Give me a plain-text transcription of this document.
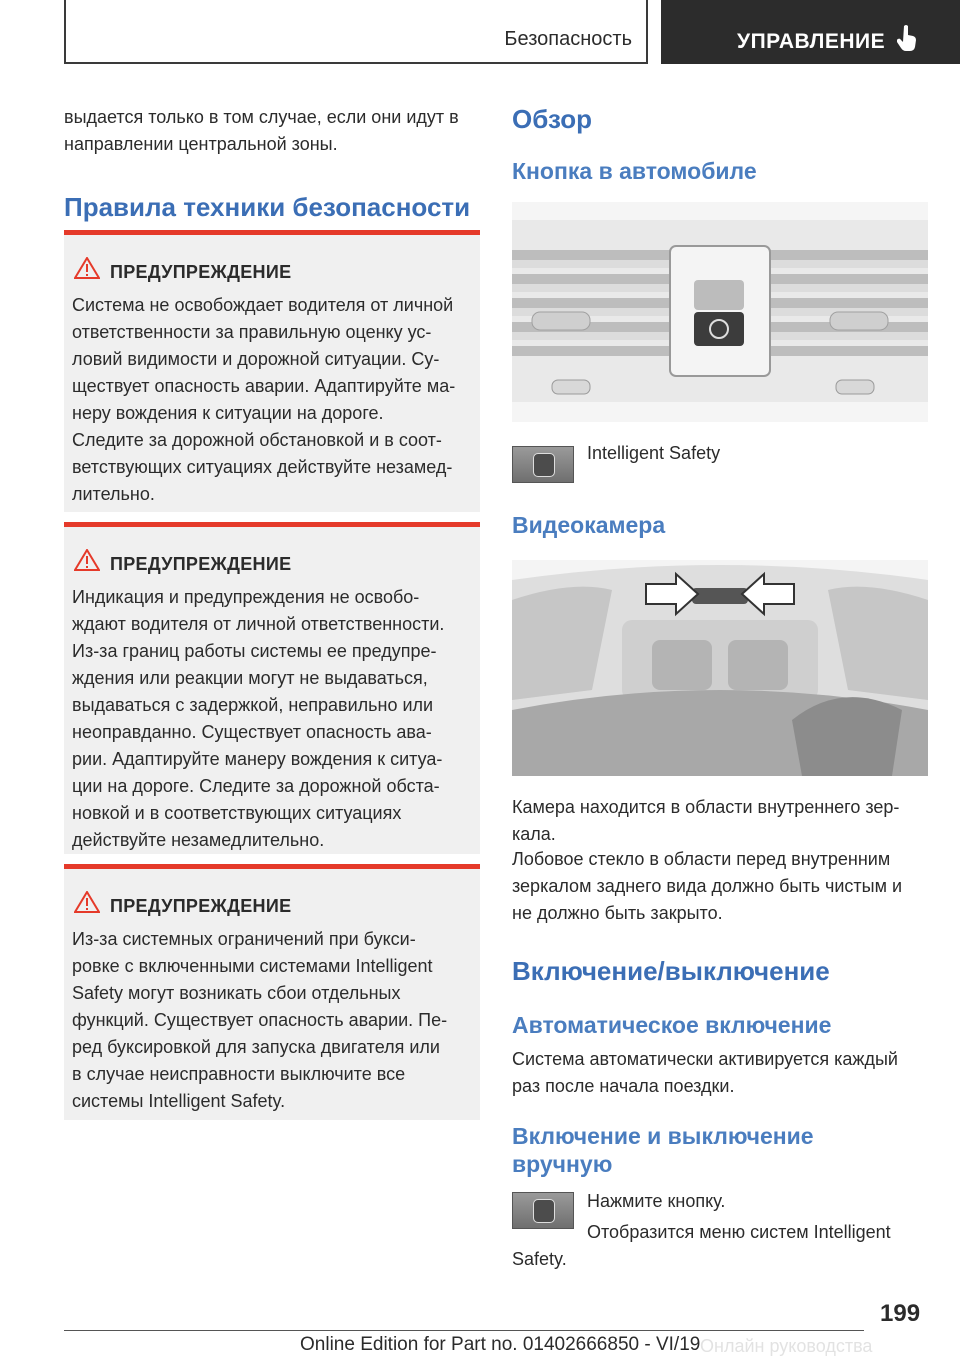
Безопасность	УПРАВЛЕНИЕ
выдается только в том случае, если они идут в
направлении центральной зоны.
Правила техники безопасности
ПРЕДУПРЕЖДЕНИЕ
Система не освобождает водителя от личной
ответственности за правильную оценку ус-
ловий видимости и дорожной ситуации. Су-
ществует опасность аварии. Адаптируйте ма-
неру вождения к ситуации на дороге.
Следите за дорожной обстановкой и в соот-
ветствующих ситуациях действуйте незамед-
лительно.
ПРЕДУПРЕЖДЕНИЕ
Индикация и предупреждения не освобо-
ждают водителя от личной ответственности.
Из-за границ работы системы ее предупре-
ждения или реакции могут не выдаваться,
выдаваться с задержкой, неправильно или
неоправданно. Существует опасность ава-
рии. Адаптируйте манеру вождения к ситуа-
ции на дороге. Следите за дорожной обста-
новкой и в соответствующих ситуациях
действуйте незамедлительно.
ПРЕДУПРЕЖДЕНИЕ
Из-за системных ограничений при букси-
ровке с включенными системами Intelligent
Safety могут возникать сбои отдельных
функций. Существует опасность аварии. Пе-
ред буксировкой для запуска двигателя или
в случае неисправности выключите все
системы Intelligent Safety.
Обзор
Кнопка в автомобиле
Intelligent Safety
Видеокамера
Камера находится в области внутреннего зер-
кала.
Лобовое стекло в области перед внутренним
зеркалом заднего вида должно быть чистым и
не должно быть закрыто.
Включение/выключение
Автоматическое включение
Система автоматически активируется каждый
раз после начала поездки.
Включение и выключение
вручную
Нажмите кнопку.
Отобразится меню систем Intelligent
Safety.
199
Online Edition for Part no. 01402666850 - VI/19 Онлайн руководства
